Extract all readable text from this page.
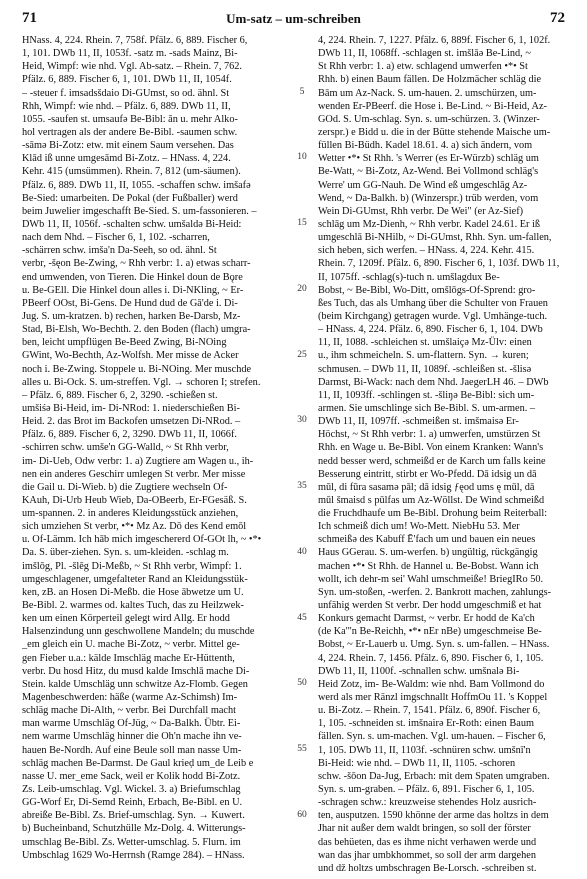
71	Um-satz – um-schreiben	72
HNass. 4, 224. Rhein. 7, 758f. Pfälz. 6, 889. Fischer 6,
1, 101. DWb 11, II, 1053f. -satz m. -sads Mainz, Bi-
Heid, Wimpf: wie nhd. Vgl. Ab-satz. – Rhein. 7, 762.
Pfälz. 6, 889. Fischer 6, 1, 101. DWb 11, II, 1054f.
– -steuer f. imsadsšdaio Di-GUmst, so od. ähnl. St
Rhh, Wimpf: wie nhd. – Pfälz. 6, 889. DWb 11, II,
1055. -saufen st. umsaufə Be-Bibl: ān u. mehr Alko-
hol vertragen als der andere Be-Bibl. -saumen schw.
-sāmə Bi-Zotz: etw. mit einem Saum versehen. Das
Klād iß unne umgesāmd Bi-Zotz. – HNass. 4, 224.
Kehr. 415 (umsümmen). Rhein. 7, 812 (um-säumen).
Pfälz. 6, 889. DWb 11, II, 1055. -schaffen schw. imšafə
Be-Sied: umarbeiten. De Pokal (der Fußballer) werd
beim Juwelier imgeschafft Be-Sied. S. um-fassonieren. –
DWb 11, II, 1056f. -schalten schw. umšaldə Bi-Heid:
nach dem Nhd. – Fischer 6, 1, 102. -scharren,
-schärren schw. imša'n Da-Seeh, so od. ähnl. St
verbr, -šęon Be-Zwing, ~ Rhh verbr: 1. a) etwas scharr-
end umwenden, von Tieren. Die Hinkel doun de Bǫre
u. Be-GEll. Die Hinkel doun alles i. Di-NKling, ~ Er-
PBeerf OOst, Bi-Gens. De Hund dud de Gā'de i. Di-
Jug. S. um-kratzen. b) rechen, harken Be-Darsb, Mz-
Stad, Bi-Elsh, Wo-Bechth. 2. den Boden (flach) umgra-
ben, leicht umpflügen Be-Beed Zwing, Bi-NOing
GWint, Wo-Bechth, Az-Wolfsh. Mer misse de Acker
noch i. Be-Zwing. Stoppele u. Bi-NOing. Mer muschde
alles u. Bi-Ock. S. um-streffen. Vgl. → schoren I; strefen.
– Pfälz. 6, 889. Fischer 6, 2, 3290. -schießen st.
umšiśə Bi-Heid, im- Di-NRod: 1. niederschießen Bi-
Heid. 2. das Brot im Backofen umsetzen Di-NRod. –
Pfälz. 6, 889. Fischer 6, 2, 3290. DWb 11, II, 1066f.
-schirren schw. umše'n GG-Walld, ~ St Rhh verbr,
im- Di-Ueb, Odw verbr: 1. a) Zugtiere am Wagen u., ih-
nen ein anderes Geschirr umlegen St verbr. Mer misse
die Gail u. Di-Wieb. b) die Zugtiere wechseln Of-
KAuh, Di-Urb Heub Wieb, Da-OBeerb, Er-FGesäß. S.
um-spannen. 2. in anderes Kleidungsstück anziehen,
sich umziehen St verbr, •*• Mz Az. Dō des Kend emōl
u. Of-Lämm. Ich hāb mich imgeschererd Of-GOt lh, ~ •*•
Da. S. über-ziehen. Syn. s. um-kleiden. -schlag m.
imšlōg, Pl. -šlēg Di-Meßb, ~ St Rhh verbr, Wimpf: 1.
umgeschlagener, umgefalteter Rand an Kleidungsstük-
ken, zB. an Hosen Di-Meßb. die Hose ābwetze um U.
Be-Bibl. 2. warmes od. kaltes Tuch, das zu Heilzwek-
ken um einen Körperteil gelegt wird Allg. Er hodd
Halsenzindung unn geschwollene Mandeln; du muschde
_em gleich ein U. mache Bi-Zotz, ~ verbr. Mittel ge-
gen Fieber u.a.: kälde Imschläg mache Er-Hüttenth,
verbr. Du hosd Hitz, du musd kalde Imschlā mache Di-
Stein. kalde Umschläg unn schwitze Az-Flomb. Gegen
Magenbeschwerden: häße (warme Az-Schimsh) Im-
schläg mache Di-Alth, ~ verbr. Bei Durchfall macht
man warme Umschläg Of-Jüg, ~ Da-Balkh. Übtr. Ei-
nem warme Umschläg hinner die Oh'n mache ihn ve-
hauen Be-Nordh. Auf eine Beule soll man nasse Um-
schläg machen Be-Darmst. De Gaul krieḍ um_de Leib e
nasse U. mer_eme Sack, weil er Kolik hodd Bi-Zotz.
Zs. Leib-umschlag. Vgl. Wickel. 3. a) Briefumschlag
GG-Worf Er, Di-Semd Reinh, Erbach, Be-Bibl. en U.
abreiße Be-Bibl. Zs. Brief-umschlag. Syn. → Kuwert.
b) Bucheinband, Schutzhülle Mz-Dolg. 4. Witterungs-
umschlag Be-Bibl. Zs. Wetter-umschlag. 5. Flurn. im
Umbschlag 1629 Wo-Herrnsh (Ramge 284). – HNass.
5
10
15
20
25
30
35
40
45
50
55
60
4, 224. Rhein. 7, 1227. Pfälz. 6, 889f. Fischer 6, 1, 102f.
DWb 11, II, 1068ff. -schlagen st. imšlāə Be-Lind, ~
St Rhh verbr: 1. a) etw. schlagend umwerfen •*• St
Rhh. b) einen Baum fällen. De Holzmächer schläg die
Bām um Az-Nack. S. um-hauen. 2. umschürzen, um-
wenden Er-PBeerf. die Hose i. Be-Lind. ~ Bi-Heid, Az-
GOd. S. Um-schlag. Syn. s. um-schürzen. 3. (Winzer-
zerspr.) e Bidd u. die in der Bütte stehende Maische um-
füllen Bi-Büdh. Kadel 18.61. 4. a) sich ändern, vom
Wetter •*• St Rhh. 's Werrer (es Er-Würzb) schläg um
Be-Watt, ~ Bi-Zotz, Az-Wend. Bei Vollmond schläg's
Werre' um GG-Nauh. De Wind eß umgeschlāg Az-
Wend, ~ Da-Balkh. b) (Winzerspr.) trüb werden, vom
Wein Di-GUmst, Rhh verbr. De Wei" (er Az-Sief)
schlāg um Mz-Dienh, ~ Rhh verbr. Kadel 24.61. Er iß
umgeschlā Bi-NHilb, ~ Di-GUmst, Rhh. Syn. um-fallen,
sich heben, sich werfen. – HNass. 4, 224. Kehr. 415.
Rhein. 7, 1209f. Pfälz. 6, 890. Fischer 6, 1, 103f. DWb 11,
II, 1075ff. -schlag(s)-tuch n. umšlagdux Be-
Bobst, ~ Be-Bibl, Wo-Ditt, omšlōgs-Of-Sprend: gro-
ßes Tuch, das als Umhang über die Schulter von Frauen
(beim Kirchgang) getragen wurde. Vgl. Umhänge-tuch.
– HNass. 4, 224. Pfälz. 6, 890. Fischer 6, 1, 104. DWb
11, II, 1088. -schleichen st. umšlaiçə Mz-Ülv: einen
u., ihm schmeicheln. S. um-flattern. Syn. → kuren;
schmusen. – DWb 11, II, 1089f. -schleißen st. -šlisə
Darmst, Bi-Wack: nach dem Nhd. JaegerLH 46. – DWb
11, II, 1093ff. -schlingen st. -šliŋə Be-Bibl: sich um-
armen. Sie umschlinge sich Be-Bibl. S. um-armen. –
DWb 11, II, 1097ff. -schmeißen st. imšmaisə Er-
Höchst, ~ St Rhh verbr: 1. a) umwerfen, umstürzen St
Rhh. en Wage u. Be-Bibl. Von einem Kranken: Wann's
nedd besser werd, schmeißd er de Karch um falls keine
Besserung eintritt, stirbt er Wo-Pfedd. Dā idsig un dā
mūl, di fūra sasamə pāl; dā idsig ƒęod ums ę mūl, dā
mūl šmaisd s pūlfas um Az-Wöllst. De Wind schmeißd
die Fruchdhaufe um Be-Bibl. Drohung beim Reiterball:
Ich schmeiß dich um! Wo-Mett. NiebHu 53. Mer
schmeißə des Kabuff Ē'fach um und bauen ein neues
Haus GGerau. S. um-werfen. b) ungültig, rückgängig
machen •*• St Rhh. de Hannel u. Be-Bobst. Wann ich
wollt, ich dehr-m sei' Wahl umschmeiße! BriegIRo 50.
Syn. um-stoßen, -werfen. 2. Bankrott machen, zahlungs-
unfähig werden St verbr. Der hodd umgeschmiß et hat
Konkurs gemacht Darmst, ~ verbr. Er hodd de Ka'ch
(de Ka'"n Be-Reichh, •*• nEr nBe) umgeschmeise Be-
Bobst, ~ Er-Lauerb u. Umg. Syn. s. um-fallen. – HNass.
4, 224. Rhein. 7, 1456. Pfälz. 6, 890. Fischer 6, 1, 105.
DWb 11, II, 1100f. -schnallen schw. umšnalə Bi-
Heid Zotz, im- Be-Waldm: wie nhd. Bam Vollmond do
werd als mer Ränzl imgschnallt HoffmOu 11. 's Koppel
u. Bi-Zotz. – Rhein. 7, 1541. Pfälz. 6, 890f. Fischer 6,
1, 105. -schneiden st. imšnairə Er-Roth: einen Baum
fällen. Syn. s. um-machen. Vgl. um-hauen. – Fischer 6,
1, 105. DWb 11, II, 1103f. -schnüren schw. umšnī'n
Bi-Heid: wie nhd. – DWb 11, II, 1105. -schoren
schw. -šōon Da-Jug, Erbach: mit dem Spaten umgraben.
Syn. s. um-graben. – Pfälz. 6, 891. Fischer 6, 1, 105.
-schragen schw.: kreuzweise stehendes Holz ausrich-
ten, ausputzen. 1590 khönne der arme das holtzs in dem
Jhar nit außer dem waldt bringen, so soll der förster
das behüeten, das es ihme nicht verhawen werde und
wan das jhar umbkhommet, so soll der arm dargehen
und dž holtzs umbschragen Be-Lorsch. -schreiben st.
